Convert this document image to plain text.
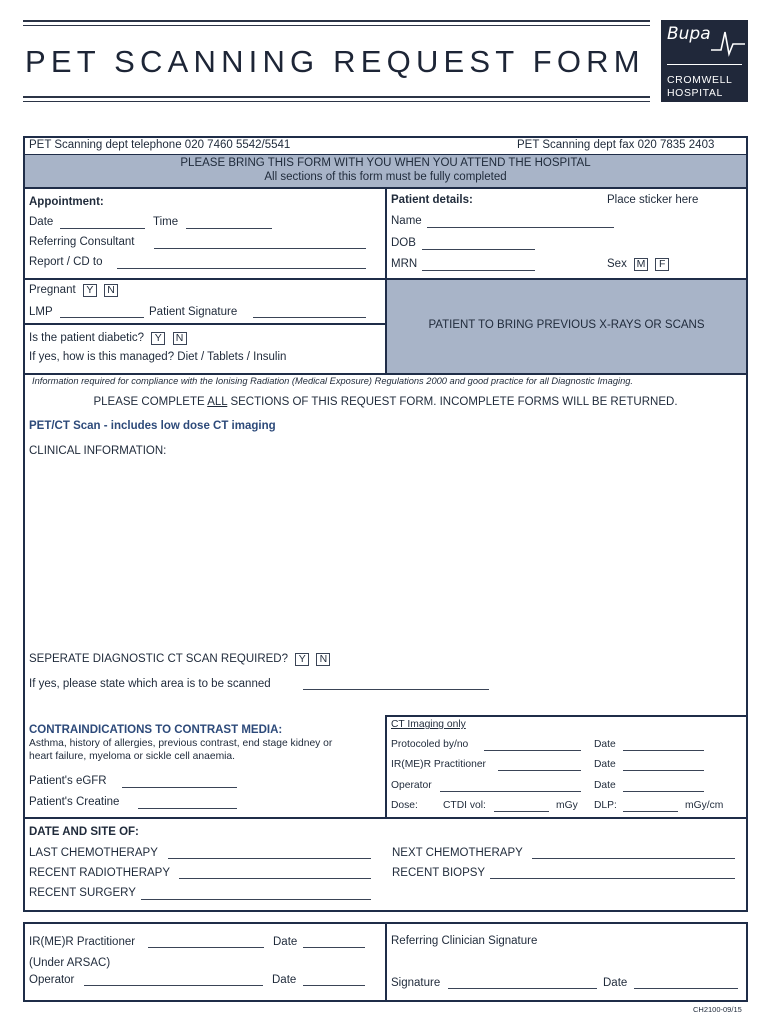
PET SCANNING REQUEST FORM
Bupa
CROMWELL
HOSPITAL
PET Scanning dept telephone 020 7460 5542/5541	PET Scanning dept fax 020 7835 2403
PLEASE BRING THIS FORM WITH YOU WHEN YOU ATTEND THE HOSPITAL
All sections of this form must be fully completed
Appointment:
Date	Time
Referring Consultant
Report / CD to
Patient details:	Place sticker here
Name
DOB
MRN	Sex M F
Pregnant Y N
LMP	Patient Signature
Is the patient diabetic? Y N
If yes, how is this managed? Diet / Tablets / Insulin
PATIENT TO BRING PREVIOUS X-RAYS OR SCANS
Information required for compliance with the Ionising Radiation (Medical Exposure) Regulations 2000 and good practice for all Diagnostic Imaging.
PLEASE COMPLETE ALL SECTIONS OF THIS REQUEST FORM. INCOMPLETE FORMS WILL BE RETURNED.
PET/CT Scan - includes low dose CT imaging
CLINICAL INFORMATION:
SEPERATE DIAGNOSTIC CT SCAN REQUIRED? Y N
If yes, please state which area is to be scanned
CONTRAINDICATIONS TO CONTRAST MEDIA:
Asthma, history of allergies, previous contrast, end stage kidney or
heart failure, myeloma or sickle cell anaemia.
Patient's eGFR
Patient's Creatine
CT Imaging only
Protocoled by/no	Date
IR(ME)R Practitioner	Date
Operator	Date
Dose: CTDI vol:	mGy DLP:	mGy/cm
DATE AND SITE OF:
LAST CHEMOTHERAPY	NEXT CHEMOTHERAPY
RECENT RADIOTHERAPY	RECENT BIOPSY
RECENT SURGERY
IR(ME)R Practitioner	Date
(Under ARSAC)
Operator	Date
Referring Clinician Signature
Signature	Date
CH2100-09/15
